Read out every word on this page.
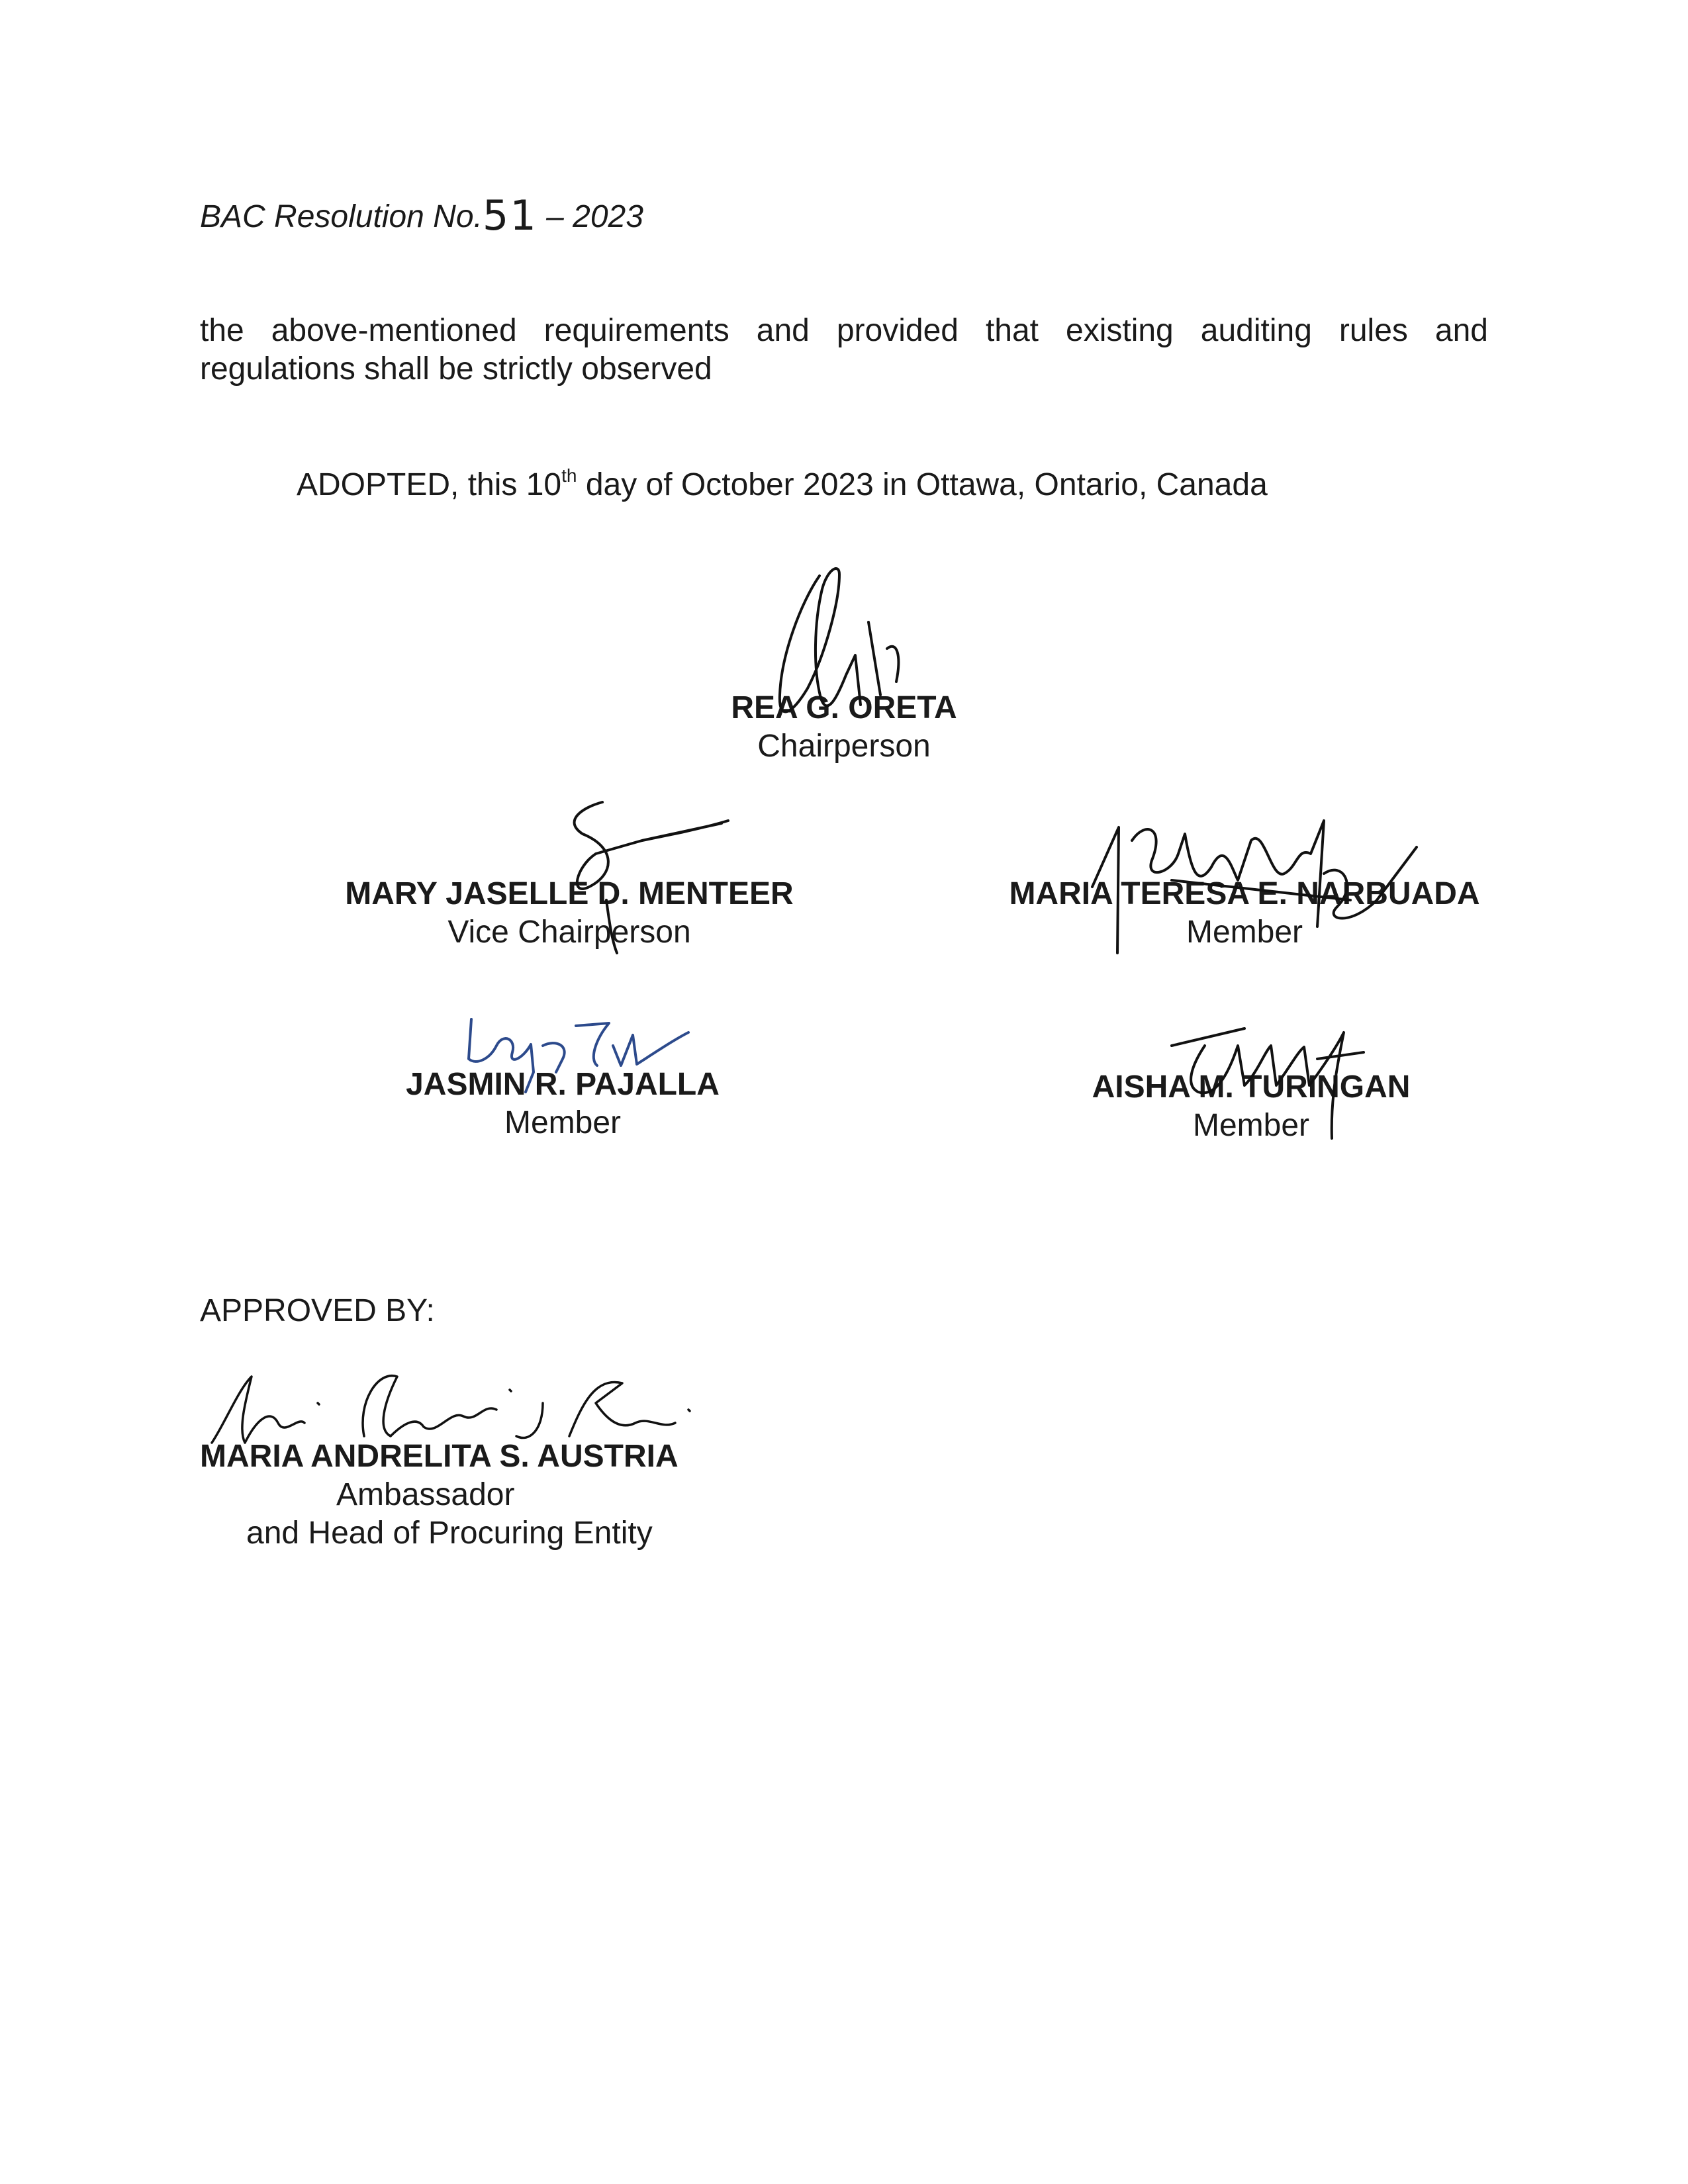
BAC Resolution No.51 – 2023
the above-mentioned requirements and provided that existing auditing rules and
regulations shall be strictly observed
ADOPTED, this 10th day of October 2023 in Ottawa, Ontario, Canada
REA G. ORETA
Chairperson
MARY JASELLE D. MENTEER
Vice Chairperson
MARIA TERESA E. NARBUADA
Member
JASMIN R. PAJALLA
Member
AISHA M. TURINGAN
Member
APPROVED BY:
MARIA ANDRELITA S. AUSTRIA
Ambassador
and Head of Procuring Entity
